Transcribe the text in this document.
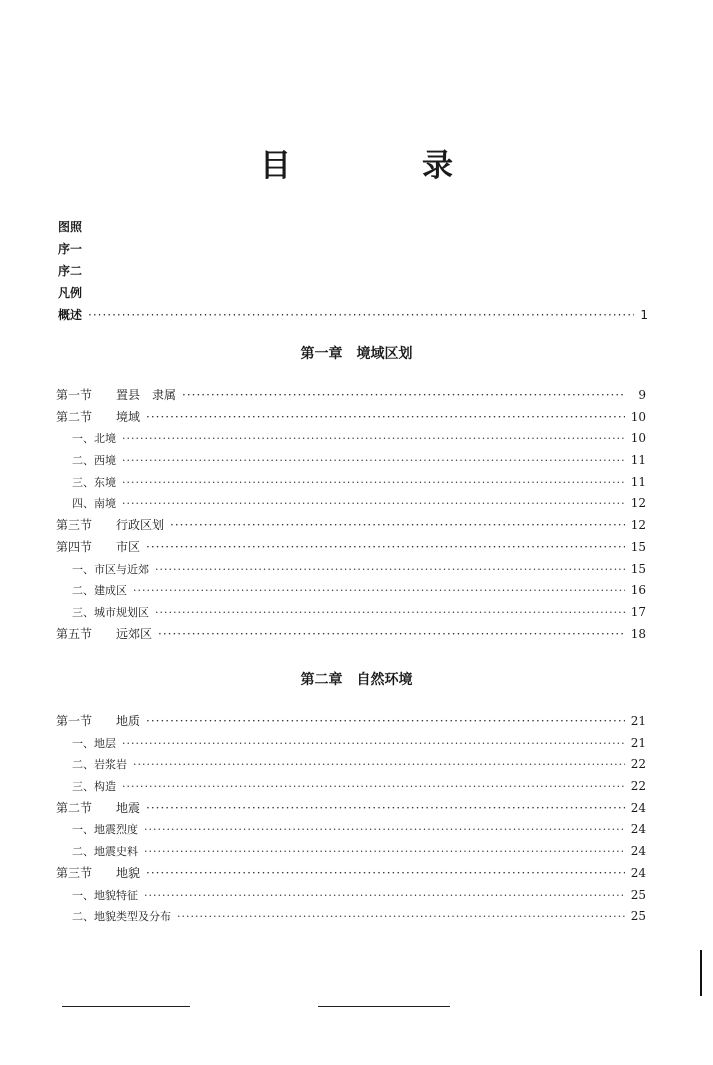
目　录
图照
序一
序二
凡例
概述 ·····	1
第一章 境域区划
第一节	置县　隶属 ·····	9
第二节	境域 ·····	10
一、北境 ·····	10
二、西境 ·····	11
三、东境 ·····	11
四、南境 ·····	12
第三节	行政区划 ·····	12
第四节	市区 ·····	15
一、市区与近郊 ·····	15
二、建成区 ·····	16
三、城市规划区 ·····	17
第五节	远郊区 ·····	18
第二章 自然环境
第一节	地质 ·····	21
一、地层 ·····	21
二、岩浆岩 ·····	22
三、构造 ·····	22
第二节	地震 ·····	24
一、地震烈度 ·····	24
二、地震史料 ·····	24
第三节	地貌 ·····	24
一、地貌特征 ·····	25
二、地貌类型及分布 ·····	25
